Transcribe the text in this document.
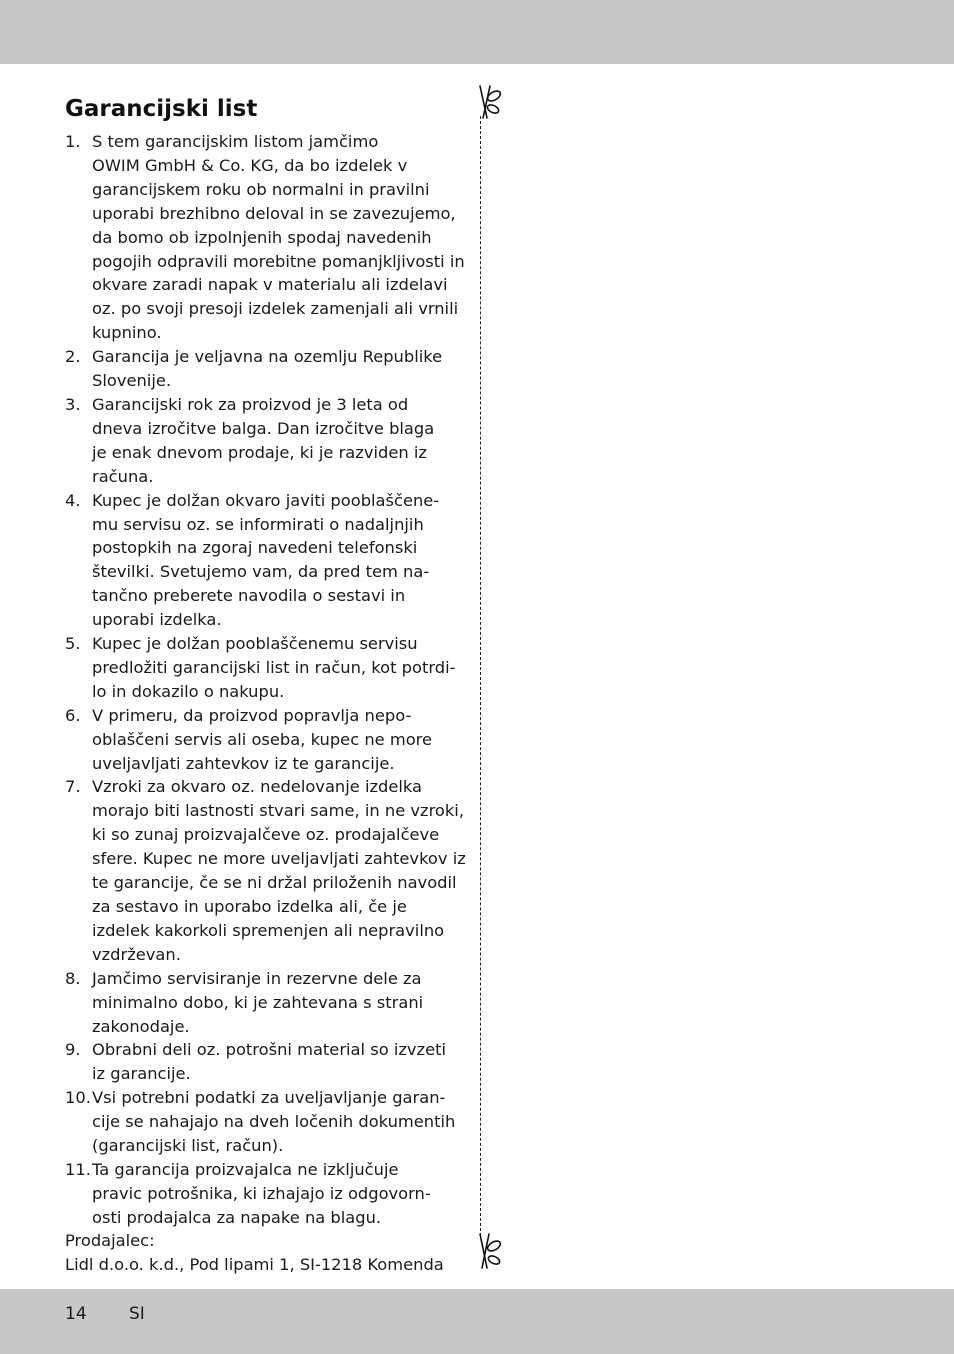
Garancijski list
1. S tem garancijskim listom jamčimo
OWIM GmbH & Co. KG, da bo izdelek v
garancijskem roku ob normalni in pravilni
uporabi brezhibno deloval in se zavezujemo,
da bomo ob izpolnjenih spodaj navedenih
pogojih odpravili morebitne pomanjkljivosti in
okvare zaradi napak v materialu ali izdelavi
oz. po svoji presoji izdelek zamenjali ali vrnili
kupnino.
2. Garancija je veljavna na ozemlju Republike
Slovenije.
3. Garancijski rok za proizvod je 3 leta od
dneva izročitve balga. Dan izročitve blaga
je enak dnevom prodaje, ki je razviden iz
računa.
4. Kupec je dolžan okvaro javiti pooblaščene-
mu servisu oz. se informirati o nadaljnjih
postopkih na zgoraj navedeni telefonski
številki. Svetujemo vam, da pred tem na-
tančno preberete navodila o sestavi in
uporabi izdelka.
5. Kupec je dolžan pooblaščenemu servisu
predložiti garancijski list in račun, kot potrdi-
lo in dokazilo o nakupu.
6. V primeru, da proizvod popravlja nepo-
oblaščeni servis ali oseba, kupec ne more
uveljavljati zahtevkov iz te garancije.
7. Vzroki za okvaro oz. nedelovanje izdelka
morajo biti lastnosti stvari same, in ne vzroki,
ki so zunaj proizvajalčeve oz. prodajalčeve
sfere. Kupec ne more uveljavljati zahtevkov iz
te garancije, če se ni držal priloženih navodil
za sestavo in uporabo izdelka ali, če je
izdelek kakorkoli spremenjen ali nepravilno
vzdrževan.
8. Jamčimo servisiranje in rezervne dele za
minimalno dobo, ki je zahtevana s strani
zakonodaje.
9. Obrabni deli oz. potrošni material so izvzeti
iz garancije.
10. Vsi potrebni podatki za uveljavljanje garan-
cije se nahajajo na dveh ločenih dokumentih
(garancijski list, račun).
11. Ta garancija proizvajalca ne izključuje
pravic potrošnika, ki izhajajo iz odgovorn-
osti prodajalca za napake na blagu.
Prodajalec:
Lidl d.o.o. k.d., Pod lipami 1, SI-1218 Komenda
14 SI
